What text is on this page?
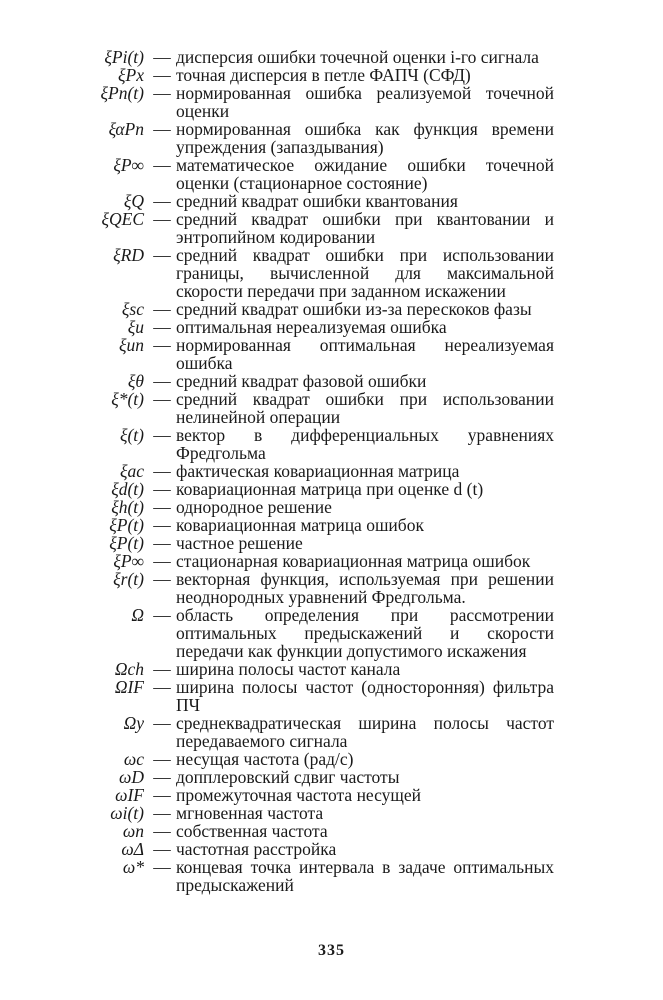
ξPi(t) — дисперсия ошибки точечной оценки i-го сигнала
ξPx — точная дисперсия в петле ФАПЧ (СФД)
ξPn(t) — нормированная ошибка реализуемой точечной оценки
ξαPn — нормированная ошибка как функция времени упреждения (запаздывания)
ξP∞ — математическое ожидание ошибки точечной оценки (стационарное состояние)
ξQ — средний квадрат ошибки квантования
ξQEC — средний квадрат ошибки при квантовании и энтропийном кодировании
ξRD — средний квадрат ошибки при использовании границы, вычисленной для максимальной скорости передачи при заданном искажении
ξsc — средний квадрат ошибки из-за перескоков фазы
ξu — оптимальная нереализуемая ошибка
ξun — нормированная оптимальная нереализуемая ошибка
ξθ — средний квадрат фазовой ошибки
ξ*(t) — средний квадрат ошибки при использовании нелинейной операции
ξ(t) — вектор в дифференциальных уравнениях Фредгольма
ξac — фактическая ковариационная матрица
ξd(t) — ковариационная матрица при оценке d (t)
ξh(t) — однородное решение
ξP(t) — ковариационная матрица ошибок
ξP(t) — частное решение
ξP∞ — стационарная ковариационная матрица ошибок
ξr(t) — векторная функция, используемая при решении неоднородных уравнений Фредгольма.
Ω — область определения при рассмотрении оптимальных предыскажений и скорости передачи как функции допустимого искажения
Ωch — ширина полосы частот канала
ΩIF — ширина полосы частот (односторонняя) фильтра ПЧ
Ωy — среднеквадратическая ширина полосы частот передаваемого сигнала
ωc — несущая частота (рад/с)
ωD — допплеровский сдвиг частоты
ωIF — промежуточная частота несущей
ωi(t) — мгновенная частота
ωn — собственная частота
ωΔ — частотная расстройка
ω* — концевая точка интервала в задаче оптимальных предыскажений
335
